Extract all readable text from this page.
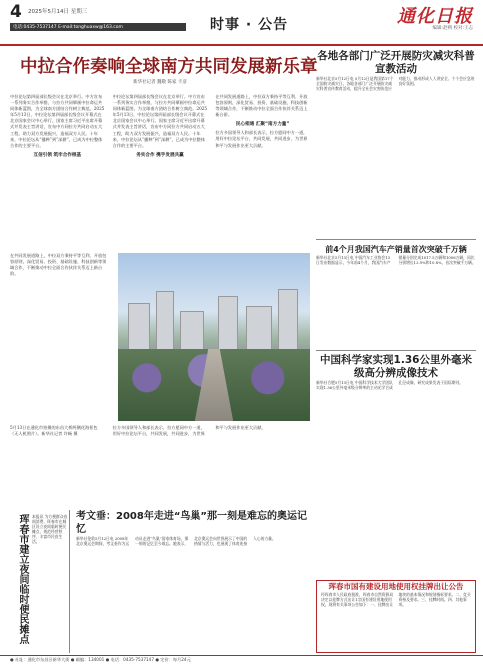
4 2025年5月14日 星期三
电话:0435-7537147 E-mail:tonghuaxw@163.com	时事 · 公告	通化日报
编辑:赵朔 校对:王志
中拉合作奏响全球南方共同发展新乐章
新华社记者 魏敬 陈家 卡彦

中拉论坛第四届部长级会议在北京举行。中方宣布一系列务实合作举措，与拉方共同擘画中拉命运共同体新蓝图，为全球南方团结合作树立典范。2025年5月13日，中拉论坛第四届部长级会议开幕式在北京国家会议中心举行。国家主席习近平出席开幕式并发表主旨讲话，宣布中方同拉方共同启动五大工程，助力双方发展振兴，造福双方人民。十年来，中拉论坛从“播种”到“深耕”，已成为中拉整体合作的主要平台。

互信引领 筑牢合作根基

中拉论坛第四届部长级会议在北京举行。中方宣布一系列务实合作举措，与拉方共同擘画中拉命运共同体新蓝图，为全球南方团结合作树立典范。2025年5月13日，中拉论坛第四届部长级会议开幕式在北京国家会议中心举行。国家主席习近平出席开幕式并发表主旨讲话，宣布中方同拉方共同启动五大工程，助力双方发展振兴，造福双方人民。十年来，中拉论坛从“播种”到“深耕”，已成为中拉整体合作的主要平台。

务实合作 携手发展共赢

在共同发展道路上，中拉双方秉持平等互利、开放包容原则，深化贸易、投资、基础设施、科技创新等领域合作，不断推动中拉全面合作伙伴关系迈上新台阶。

民心相通 汇聚“南方力量”

拉方多国领导人和部长表示，拉方愿同中方一道，用好中拉论坛平台，共同发展，共同进步，为世界和平与发展作出更大贡献。

在共同发展道路上，中拉双方秉持平等互利、开放包容原则，深化贸易、投资、基础设施、科技创新等领域合作，不断推动中拉全面合作伙伴关系迈上新台阶。

5月13日在通化市拍摄的东昌大桥两侧花海景色（无人机照片）。新华社记者 许畅 摄

拉方多国领导人和部长表示，拉方愿同中方一道，用好中拉论坛平台，共同发展，共同进步，为世界和平与发展作出更大贡献。

各地各部门广泛开展防灾减灾科普宣教活动

新华社北京5月12日电 5月12日是我国第17个全国防灾减灾日。各地各部门广泛开展防灾减灾科普宣传教育活动，提升全社会灾害防范应对能力，推动形成人人讲安全、个个会应急的良好氛围。

前4个月我国汽车产销量首次突破千万辆

新华社北京5月13日电 中国汽车工业协会13日发布数据显示，今年前4个月，我国汽车产销量分别完成1017.5万辆和1006万辆，同比分别增长12.9%和10.8%，首次突破千万辆。

中国科学家实现1.36公里外毫米级高分辨成像技术

新华社合肥5月13日电 中国科学技术大学团队实现1.36公里外毫米级分辨率的主动光学合成孔径成像，研究成果发表于国际期刊。

珲春市建立夜间临时便民摊点 本报讯 为方便群众夜间消费，珲春市在城区设立夜间临时便民摊点，规范经营秩序，丰富市民夜生活。
考文垂：2008年走进“鸟巢”那一刻是难忘的奥运记忆

新华社伦敦5月12日电 2008年北京奥运会期间，考文垂作为运动员走进“鸟巢”国家体育场，那一刻的记忆至今难忘。她表示，北京奥运会向世界展示了中国的热情与活力，也展现了体育连接人心的力量。

珲春市国有建设用地使用权挂牌出让公告

经珲春市人民政府批准，珲春市自然资源局决定以挂牌方式出让1宗国有建设用地使用权。现将有关事项公告如下：一、挂牌出让地块的基本情况和规划指标要求。二、竞买资格及要求。三、挂牌时间。四、其他事项。

● 社址：通化市东昌区新华大街 ● 邮编：134001 ● 电话：0435-7537147 ● 定价：每月24元
